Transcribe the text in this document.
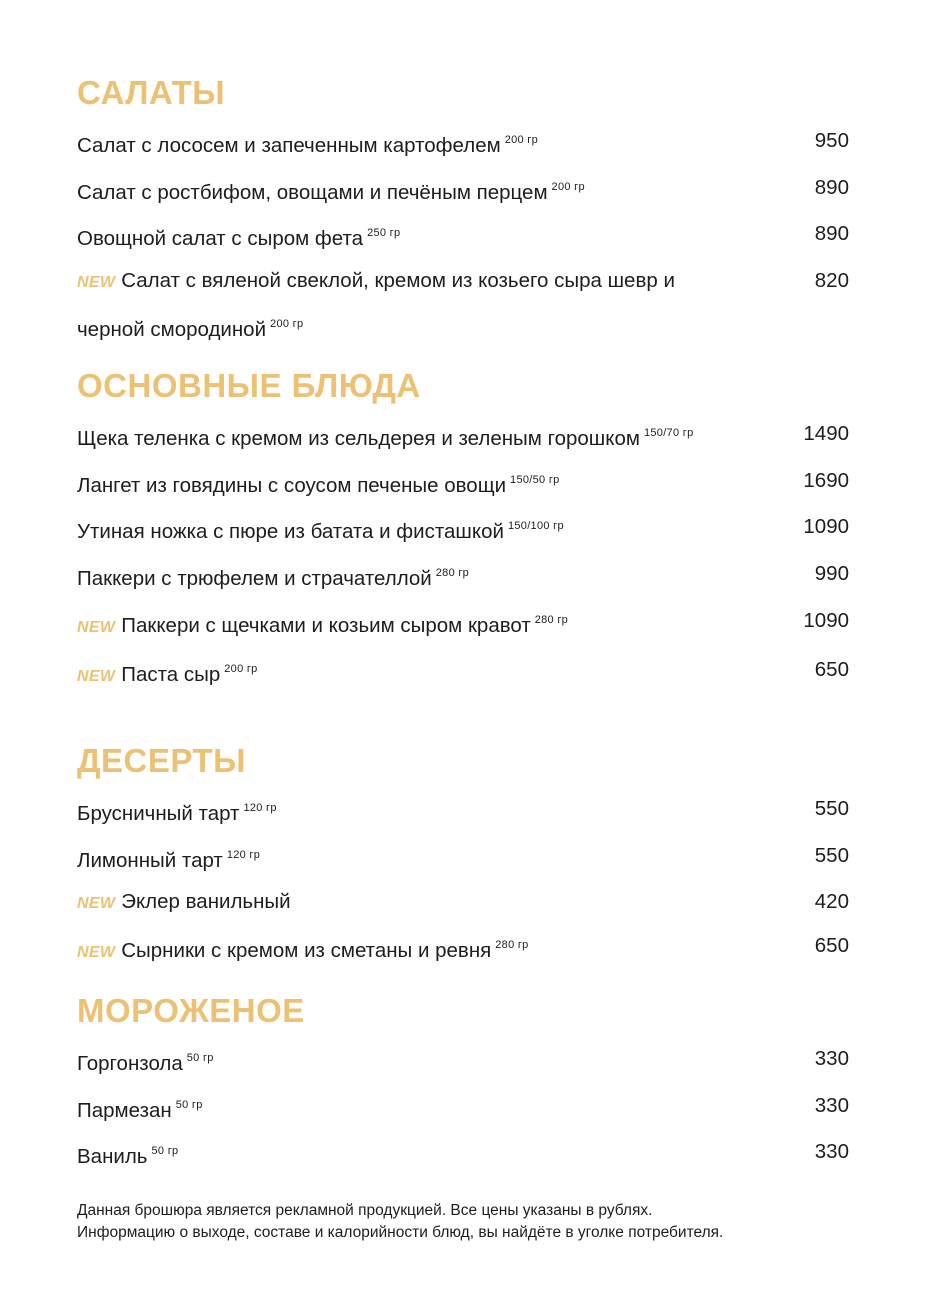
САЛАТЫ
Салат с лососем и запеченным картофелем $^{200 гр}$	950
Салат с ростбифом, овощами и печёным перцем $^{200 гр}$	890
Овощной салат с сыром фета $^{250 гр}$	890
NEW Салат с вяленой свеклой, кремом из козьего сыра шевр и черной смородиной $^{200 гр}$
820
ОСНОВНЫЕ БЛЮДА
Щека теленка с кремом из сельдерея и зеленым горошком $^{150/70 гр}$	1490
Лангет из говядины с соусом печеные овощи $^{150/50 гр}$	1690
Утиная ножка с пюре из батата и фисташкой $^{150/100 гр}$	1090
Паккери с трюфелем и страчателлой $^{280 гр}$	990
NEW Паккери с щечками и козьим сыром кравот $^{280 гр}$	1090
NEW Паста сыр $^{200 гр}$	650
ДЕСЕРТЫ
Брусничный тарт $^{120 гр}$	550
Лимонный тарт $^{120 гр}$	550
NEW Эклер ванильный	420
NEW Сырники с кремом из сметаны и ревня $^{280 гр}$	650
МОРОЖЕНОЕ
Горгонзола $^{50 гр}$	330
Пармезан $^{50 гр}$	330
Ваниль $^{50 гр}$	330
Данная брошюра является рекламной продукцией. Все цены указаны в рублях.
Информацию о выходе, составе и калорийности блюд, вы найдёте в уголке потребителя.
